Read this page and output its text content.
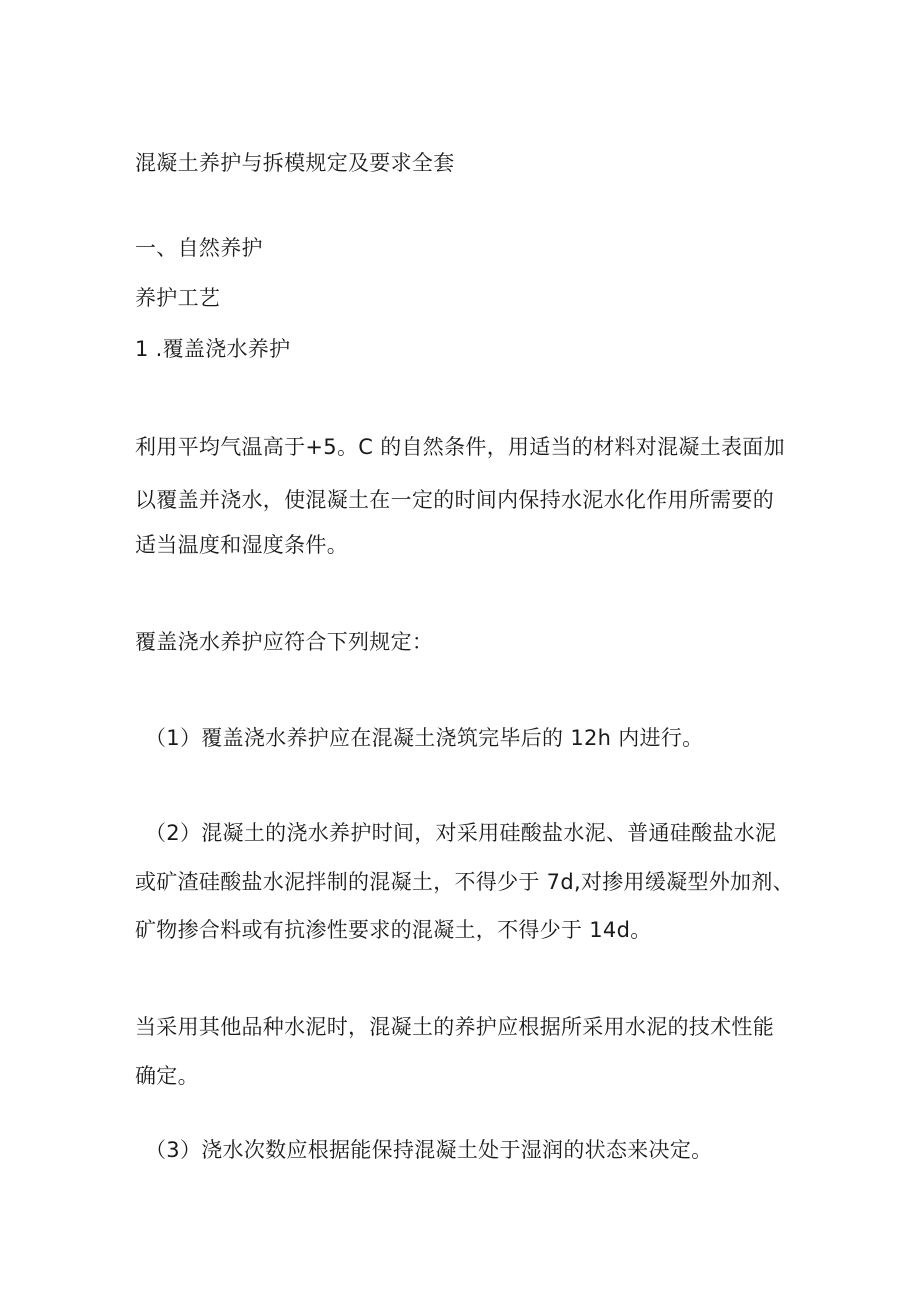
混凝土养护与拆模规定及要求全套
一、自然养护
养护工艺
1 .覆盖浇水养护
利用平均气温高于+5。C 的自然条件，用适当的材料对混凝土表面加
以覆盖并浇水，使混凝土在一定的时间内保持水泥水化作用所需要的
适当温度和湿度条件。
覆盖浇水养护应符合下列规定：
（1）覆盖浇水养护应在混凝土浇筑完毕后的 12h 内进行。
（2）混凝土的浇水养护时间，对采用硅酸盐水泥、普通硅酸盐水泥
或矿渣硅酸盐水泥拌制的混凝土，不得少于 7d,对掺用缓凝型外加剂、
矿物掺合料或有抗渗性要求的混凝土，不得少于 14d。
当采用其他品种水泥时，混凝土的养护应根据所采用水泥的技术性能
确定。
（3）浇水次数应根据能保持混凝土处于湿润的状态来决定。
